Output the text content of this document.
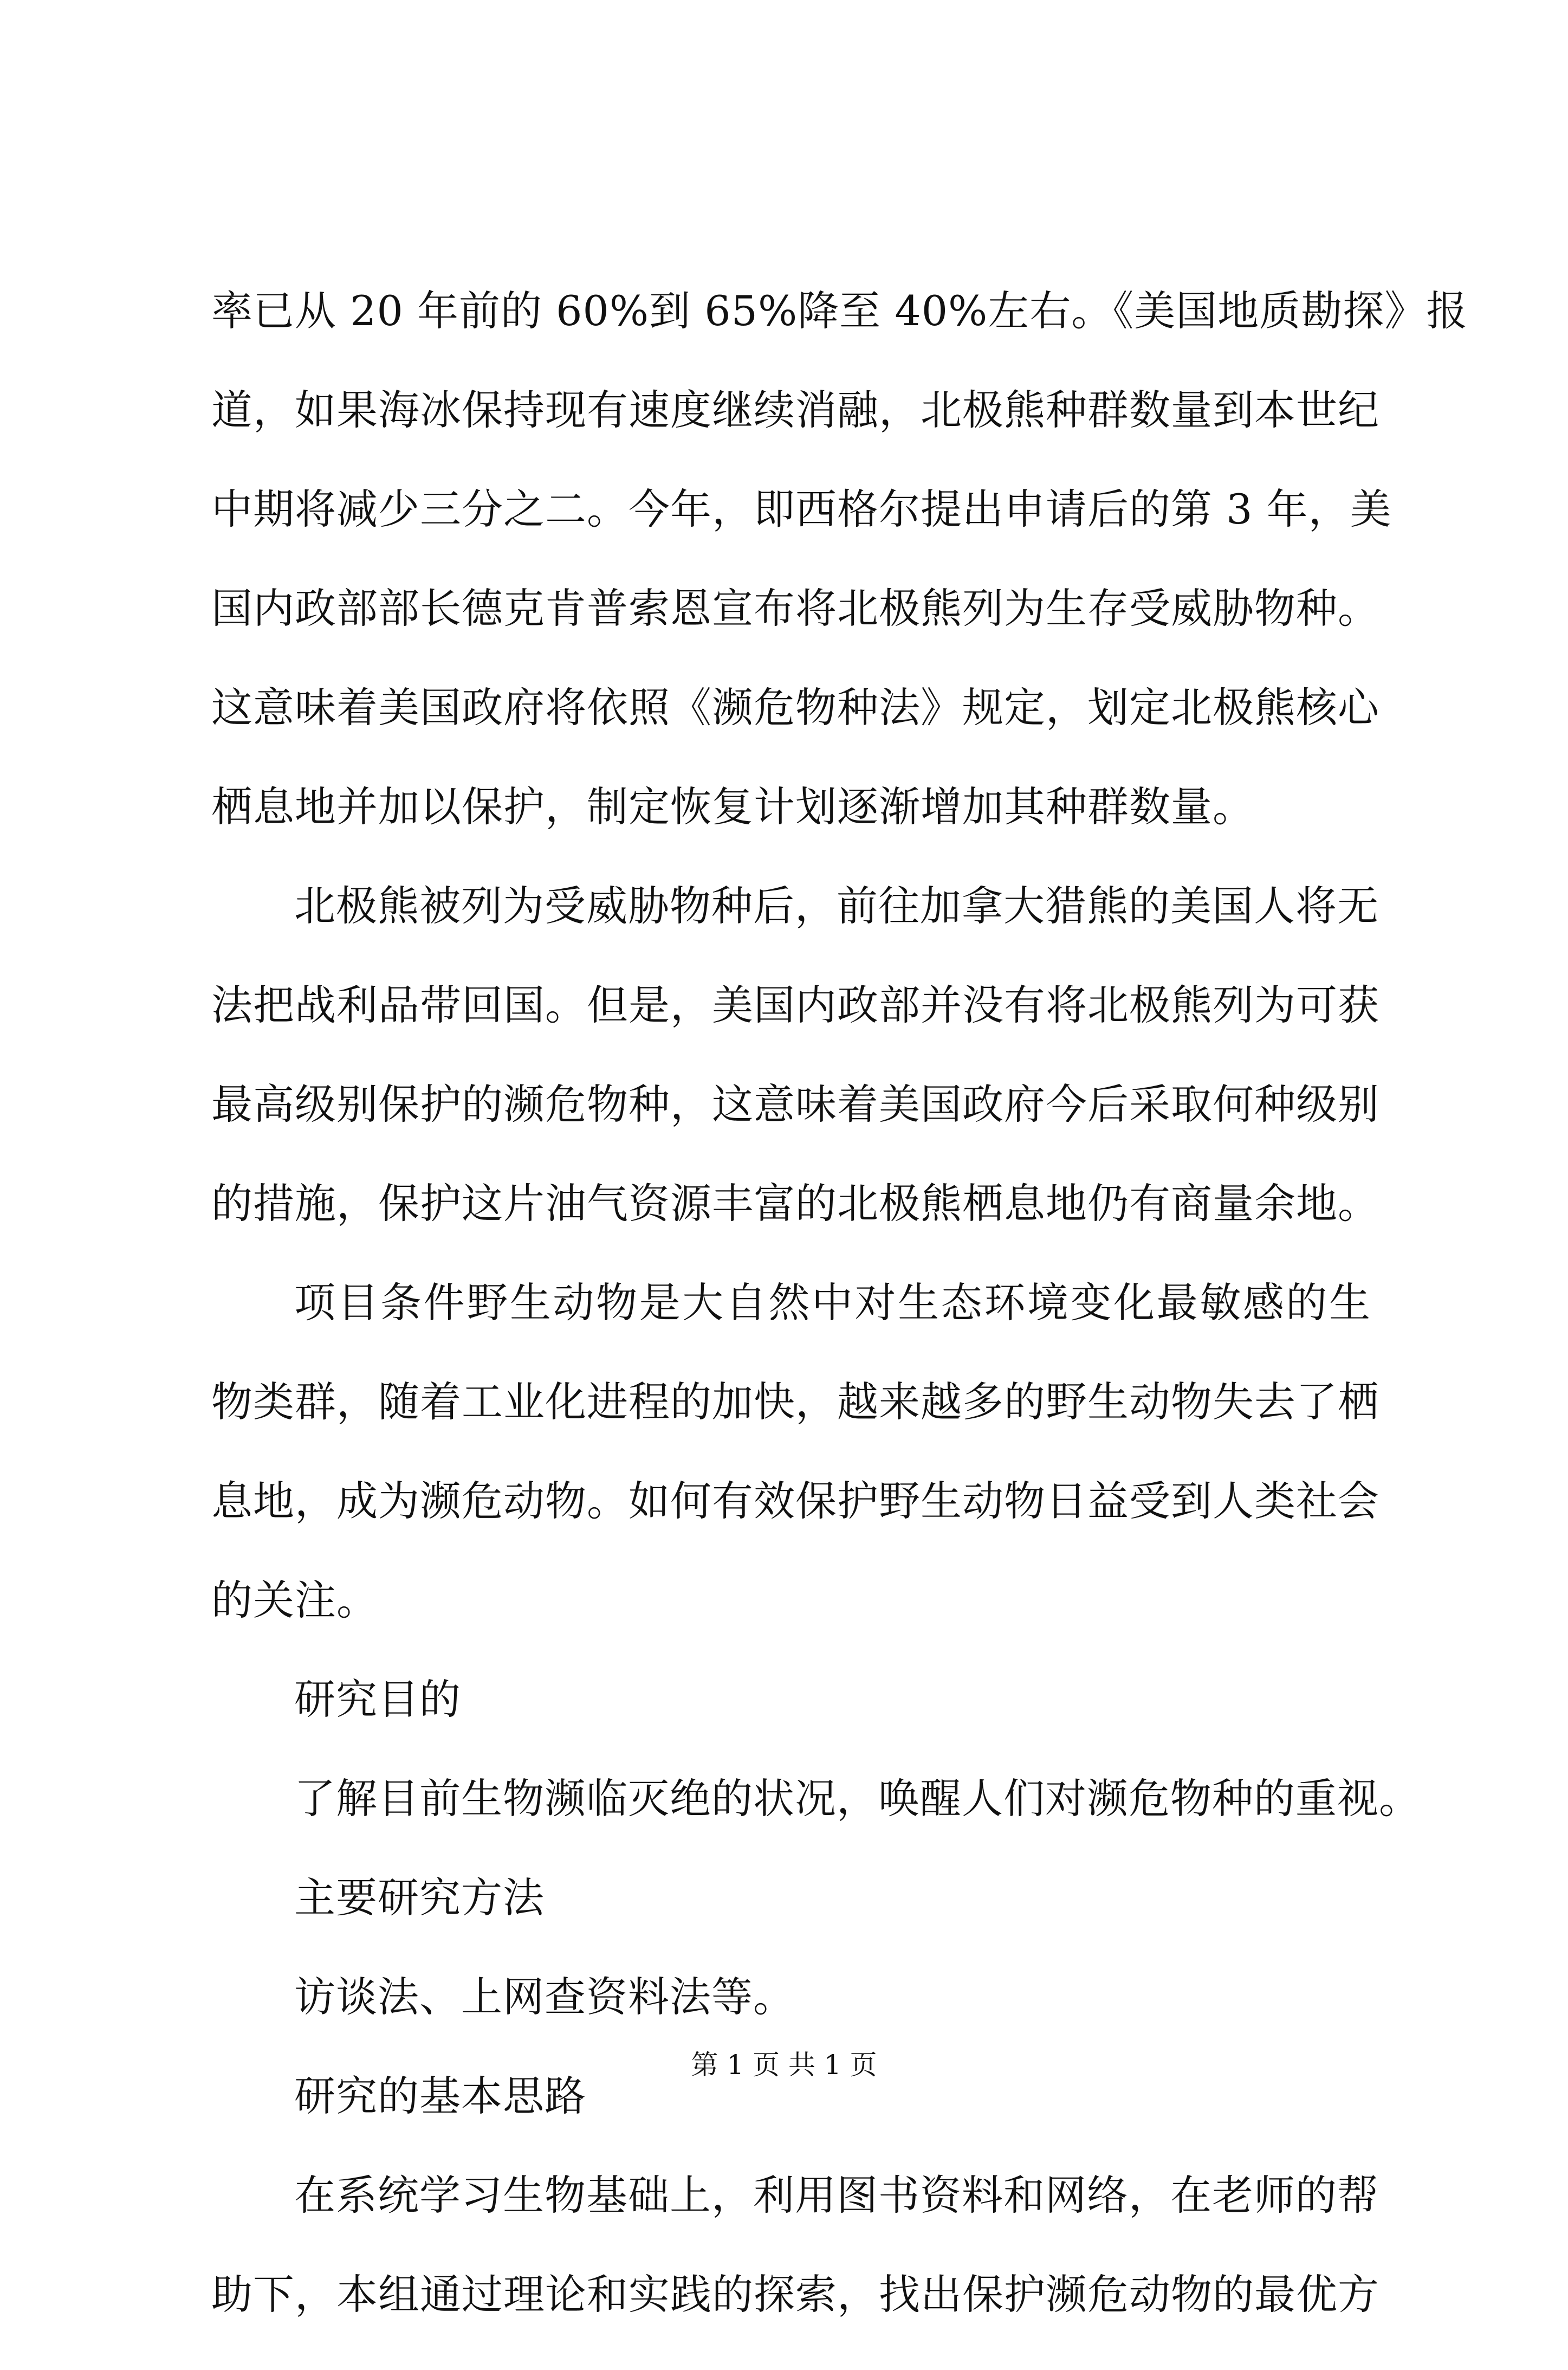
率已从 20 年前的 60%到 65%降至 40%左右。《美国地质勘探》报
道，如果海冰保持现有速度继续消融，北极熊种群数量到本世纪
中期将减少三分之二。今年，即西格尔提出申请后的第 3 年，美
国内政部部长德克肯普索恩宣布将北极熊列为生存受威胁物种。
这意味着美国政府将依照《濒危物种法》规定，划定北极熊核心
栖息地并加以保护，制定恢复计划逐渐增加其种群数量。
北极熊被列为受威胁物种后，前往加拿大猎熊的美国人将无
法把战利品带回国。但是，美国内政部并没有将北极熊列为可获
最高级别保护的濒危物种，这意味着美国政府今后采取何种级别
的措施，保护这片油气资源丰富的北极熊栖息地仍有商量余地。
项目条件野生动物是大自然中对生态环境变化最敏感的生
物类群，随着工业化进程的加快，越来越多的野生动物失去了栖
息地，成为濒危动物。如何有效保护野生动物日益受到人类社会
的关注。
研究目的
了解目前生物濒临灭绝的状况，唤醒人们对濒危物种的重视。
主要研究方法
访谈法、上网查资料法等。
研究的基本思路
在系统学习生物基础上，利用图书资料和网络，在老师的帮
助下，本组通过理论和实践的探索，找出保护濒危动物的最优方
第 1 页 共 1 页
